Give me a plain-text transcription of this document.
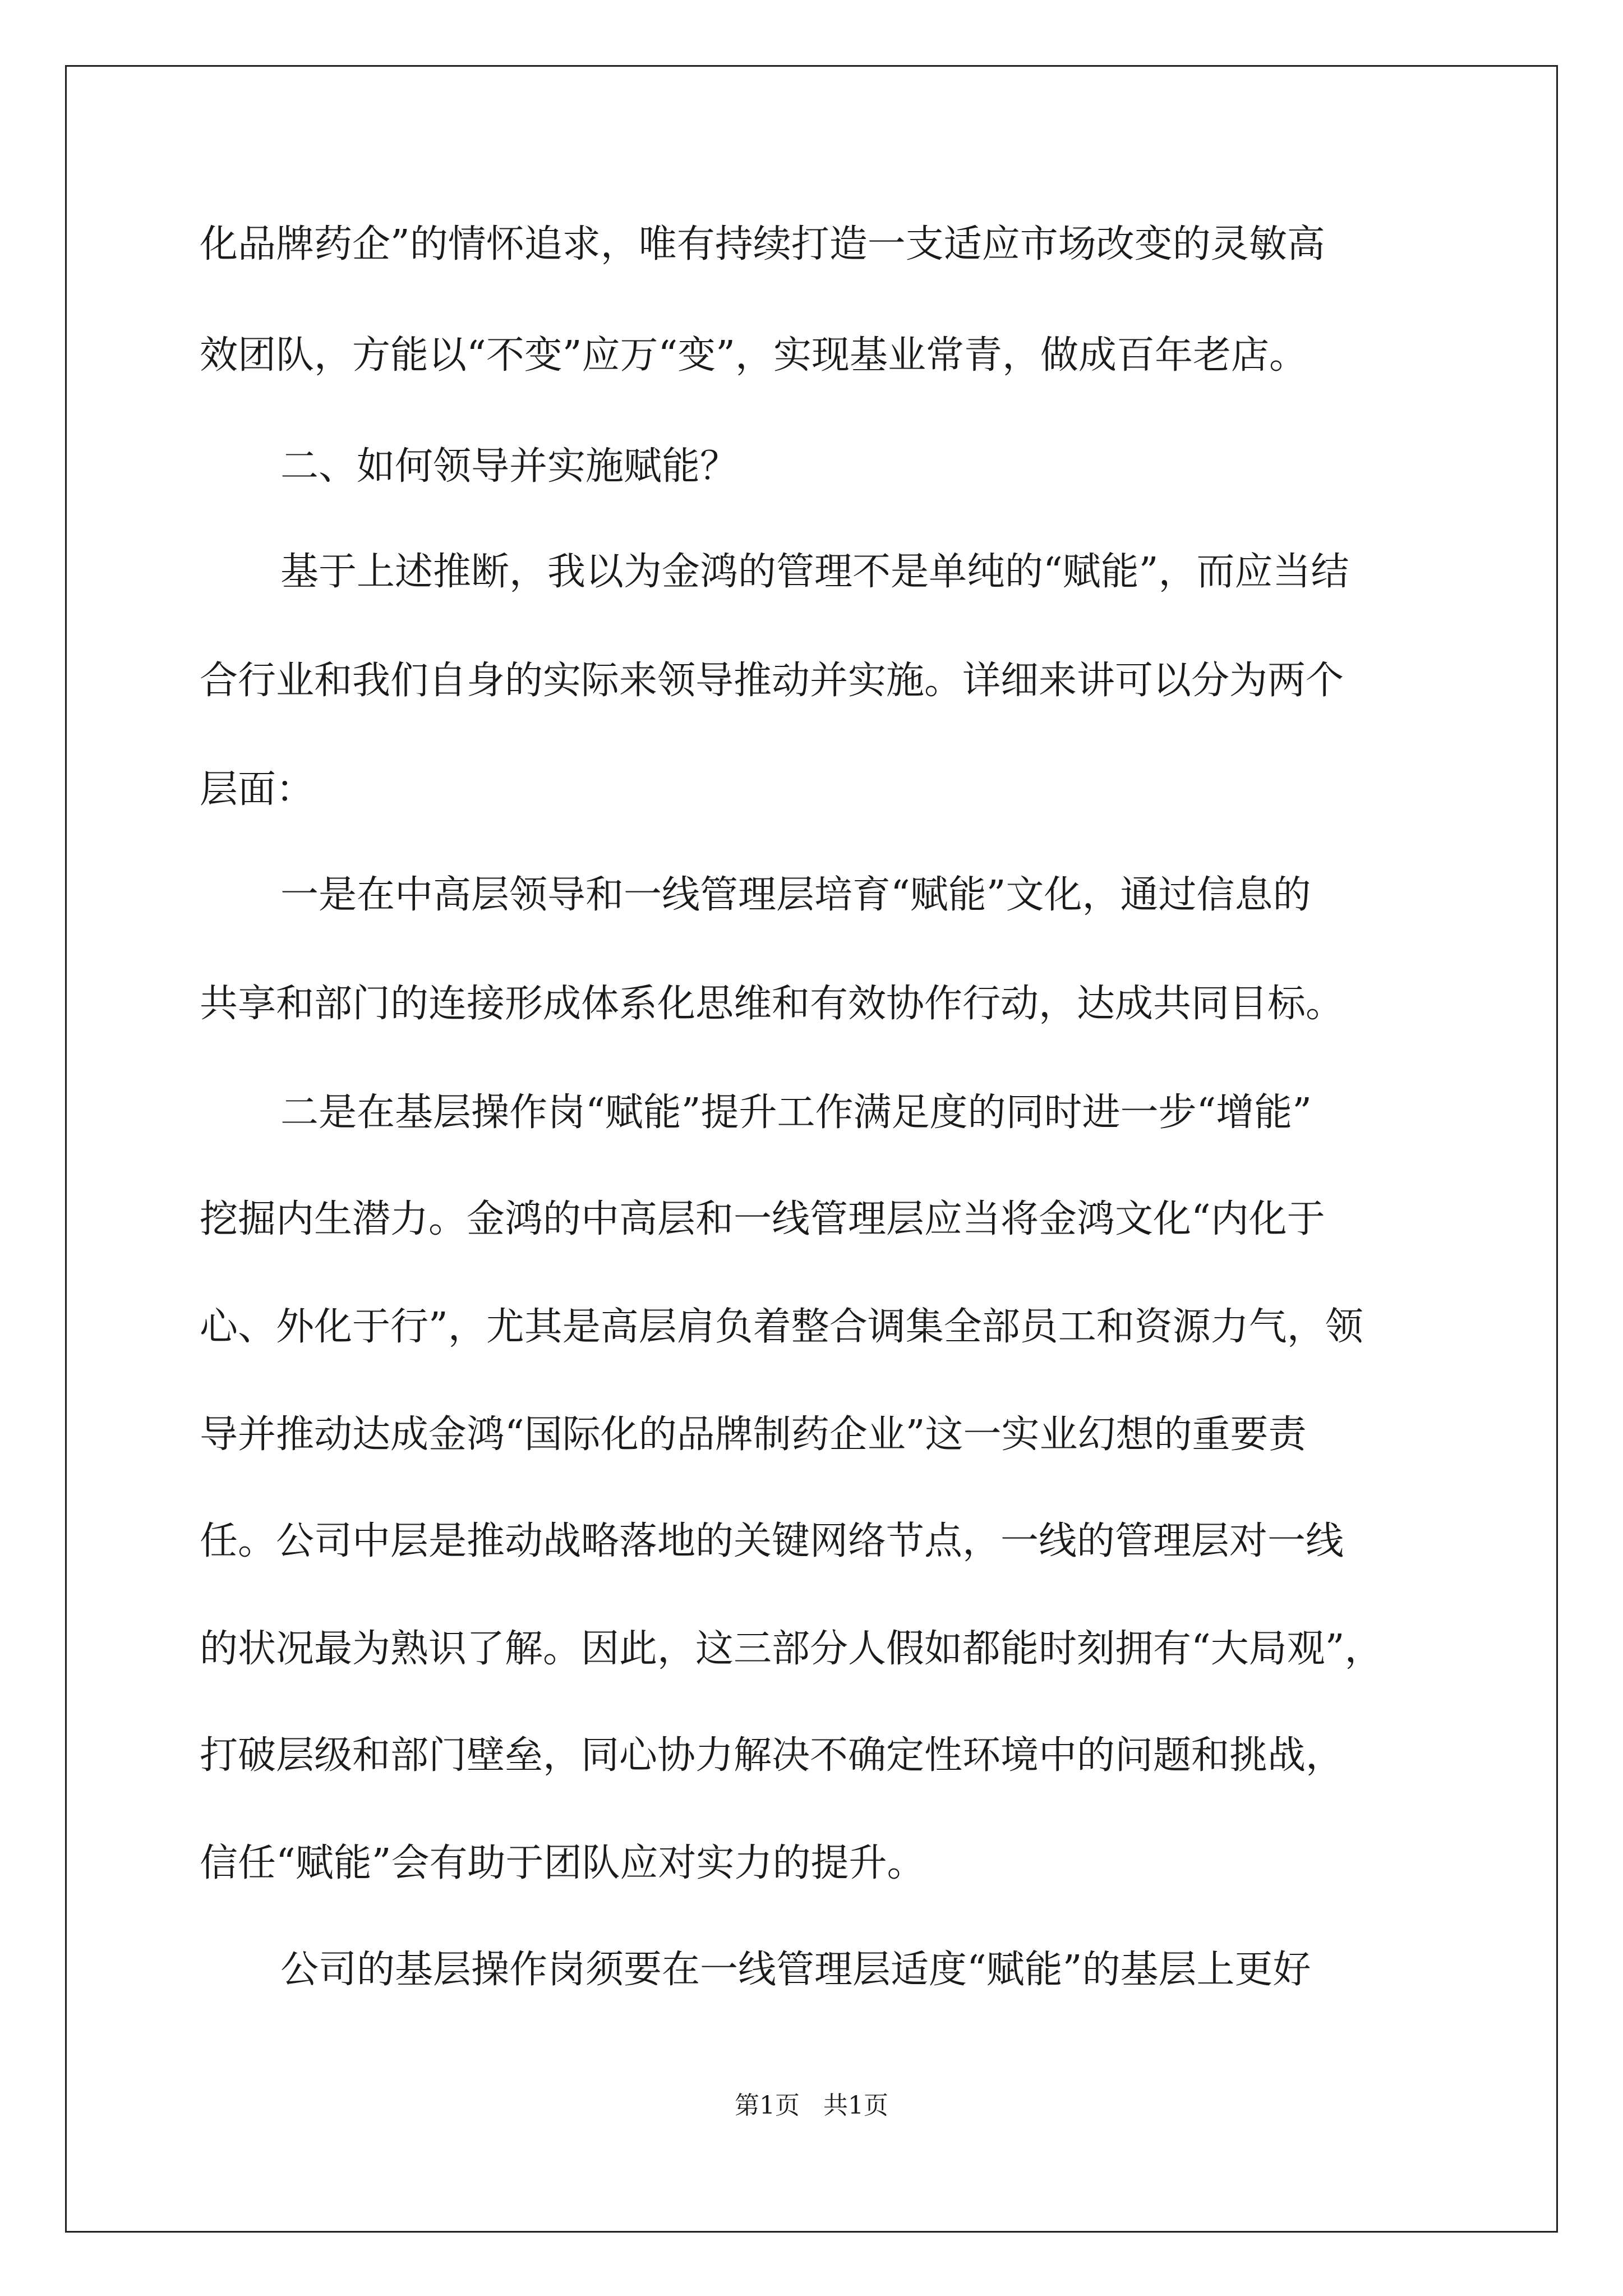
化品牌药企”的情怀追求，唯有持续打造一支适应市场改变的灵敏高
效团队，方能以“不变”应万“变”，实现基业常青，做成百年老店。
二、如何领导并实施赋能？
基于上述推断，我以为金鸿的管理不是单纯的“赋能”，而应当结
合行业和我们自身的实际来领导推动并实施。详细来讲可以分为两个
层面：
一是在中高层领导和一线管理层培育“赋能”文化，通过信息的
共享和部门的连接形成体系化思维和有效协作行动，达成共同目标。
二是在基层操作岗“赋能”提升工作满足度的同时进一步“增能”
挖掘内生潜力。金鸿的中高层和一线管理层应当将金鸿文化“内化于
心、外化于行”，尤其是高层肩负着整合调集全部员工和资源力气，领
导并推动达成金鸿“国际化的品牌制药企业”这一实业幻想的重要责
任。公司中层是推动战略落地的关键网络节点，一线的管理层对一线
的状况最为熟识了解。因此，这三部分人假如都能时刻拥有“大局观”，
打破层级和部门壁垒，同心协力解决不确定性环境中的问题和挑战，
信任“赋能”会有助于团队应对实力的提升。
公司的基层操作岗须要在一线管理层适度“赋能”的基层上更好
第1页   共1页
